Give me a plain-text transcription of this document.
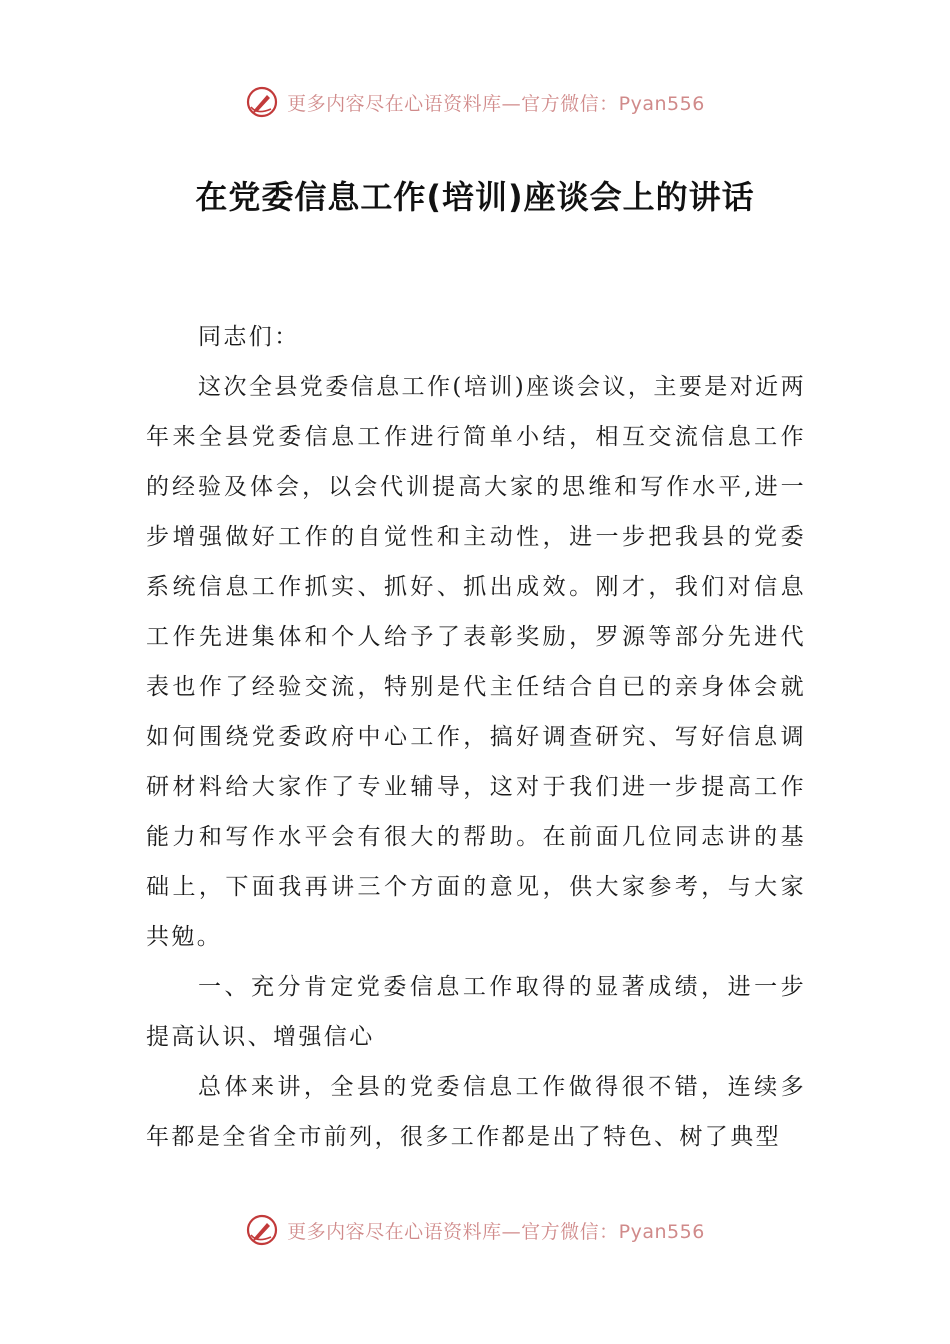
更多内容尽在心语资料库—官方微信：Pyan556
在党委信息工作(培训)座谈会上的讲话

同志们：

这次全县党委信息工作(培训)座谈会议，主要是对近两年来全县党委信息工作进行简单小结，相互交流信息工作的经验及体会，以会代训提高大家的思维和写作水平,进一步增强做好工作的自觉性和主动性，进一步把我县的党委系统信息工作抓实、抓好、抓出成效。刚才，我们对信息工作先进集体和个人给予了表彰奖励，罗源等部分先进代表也作了经验交流，特别是代主任结合自已的亲身体会就如何围绕党委政府中心工作，搞好调查研究、写好信息调研材料给大家作了专业辅导，这对于我们进一步提高工作能力和写作水平会有很大的帮助。在前面几位同志讲的基础上，下面我再讲三个方面的意见，供大家参考，与大家共勉。

一、充分肯定党委信息工作取得的显著成绩，进一步提高认识、增强信心

总体来讲，全县的党委信息工作做得很不错，连续多年都是全省全市前列，很多工作都是出了特色、树了典型

更多内容尽在心语资料库—官方微信：Pyan556
